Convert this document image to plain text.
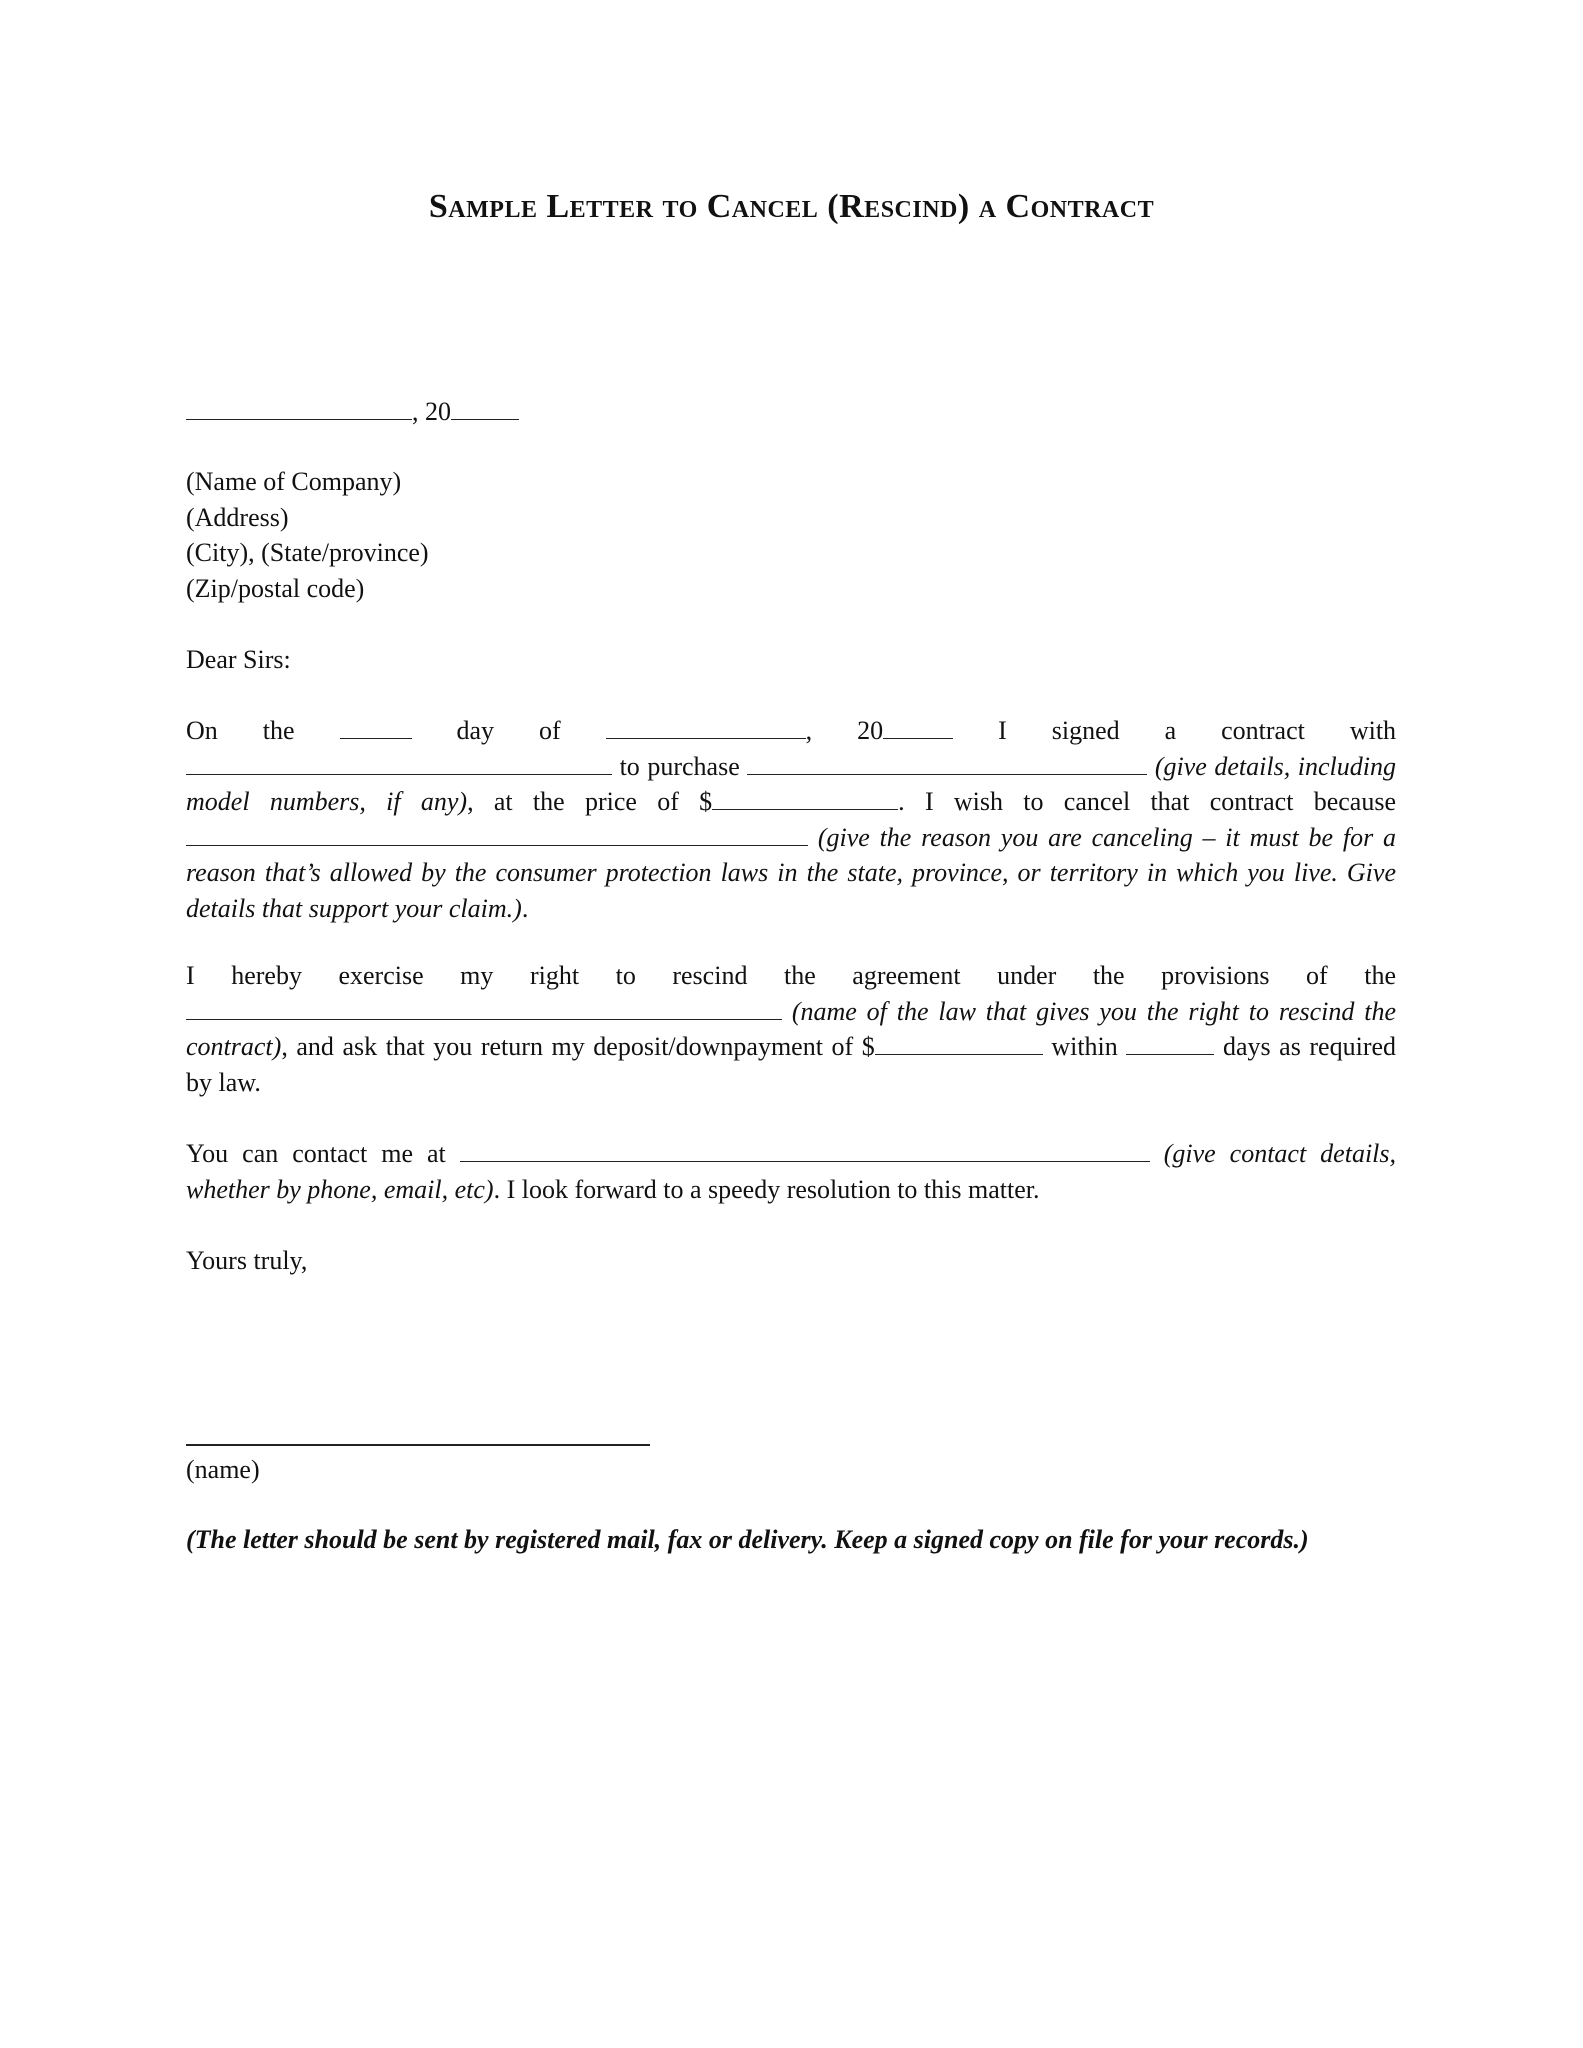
Sample Letter to Cancel (Rescind) a Contract
, 20
(Name of Company)
(Address)
(City), (State/province)
(Zip/postal code)
Dear Sirs:
On the	day of	, 20	I signed a contract with  to purchase	(give details, including model numbers, if any), at the price of $	. I wish to cancel that contract because  (give the reason you are canceling – it must be for a reason that’s allowed by the consumer protection laws in the state, province, or territory in which you live. Give details that support your claim.).
I hereby exercise my right to rescind the agreement under the provisions of the  (name of the law that gives you the right to rescind the contract), and ask that you return my deposit/downpayment of $	within	days as required by law.
You can contact me at	(give contact details, whether by phone, email, etc). I look forward to a speedy resolution to this matter.
Yours truly,
(name)
(The letter should be sent by registered mail, fax or delivery. Keep a signed copy on file for your records.)
